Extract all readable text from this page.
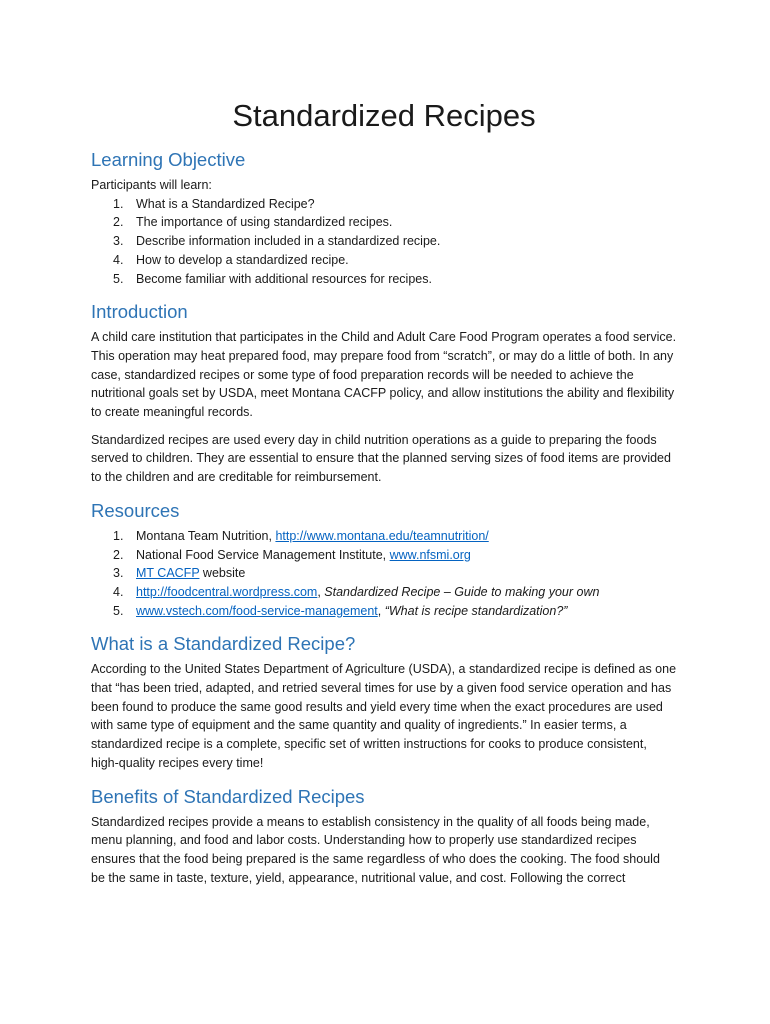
Standardized Recipes
Learning Objective

Participants will learn:

1. What is a Standardized Recipe?
2. The importance of using standardized recipes.
3. Describe information included in a standardized recipe.
4. How to develop a standardized recipe.
5. Become familiar with additional resources for recipes.
Introduction

A child care institution that participates in the Child and Adult Care Food Program operates a food service. This operation may heat prepared food, may prepare food from “scratch”, or may do a little of both. In any case, standardized recipes or some type of food preparation records will be needed to achieve the nutritional goals set by USDA, meet Montana CACFP policy, and allow institutions the ability and flexibility to create meaningful records.

Standardized recipes are used every day in child nutrition operations as a guide to preparing the foods served to children. They are essential to ensure that the planned serving sizes of food items are provided to the children and are creditable for reimbursement.

Resources
1. Montana Team Nutrition, http://www.montana.edu/teamnutrition/
2. National Food Service Management Institute, www.nfsmi.org
3. MT CACFP website
4. http://foodcentral.wordpress.com, Standardized Recipe – Guide to making your own
5. www.vstech.com/food-service-management, “What is recipe standardization?”
What is a Standardized Recipe?

According to the United States Department of Agriculture (USDA), a standardized recipe is defined as one that “has been tried, adapted, and retried several times for use by a given food service operation and has been found to produce the same good results and yield every time when the exact procedures are used with same type of equipment and the same quantity and quality of ingredients.” In easier terms, a standardized recipe is a complete, specific set of written instructions for cooks to produce consistent, high-quality recipes every time!

Benefits of Standardized Recipes

Standardized recipes provide a means to establish consistency in the quality of all foods being made, menu planning, and food and labor costs. Understanding how to properly use standardized recipes ensures that the food being prepared is the same regardless of who does the cooking. The food should be the same in taste, texture, yield, appearance, nutritional value, and cost. Following the correct
